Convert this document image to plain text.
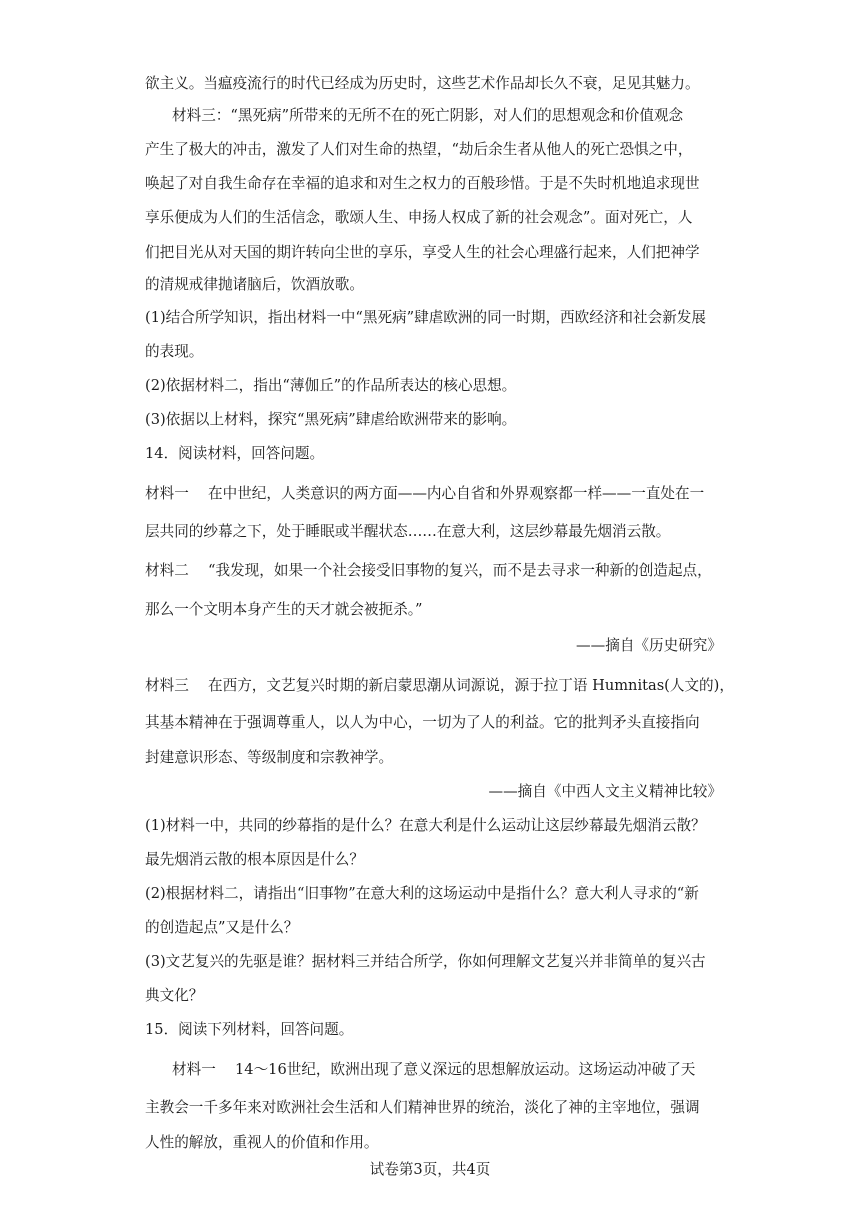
欲主义。当瘟疫流行的时代已经成为历史时，这些艺术作品却长久不衰，足见其魅力。
材料三：“黑死病”所带来的无所不在的死亡阴影，对人们的思想观念和价值观念
产生了极大的冲击，激发了人们对生命的热望，“劫后余生者从他人的死亡恐惧之中，
唤起了对自我生命存在幸福的追求和对生之权力的百般珍惜。于是不失时机地追求现世
享乐便成为人们的生活信念，歌颂人生、申扬人权成了新的社会观念”。面对死亡，人
们把目光从对天国的期许转向尘世的享乐，享受人生的社会心理盛行起来，人们把神学
的清规戒律抛诸脑后，饮酒放歌。
(1)结合所学知识，指出材料一中“黑死病”肆虐欧洲的同一时期，西欧经济和社会新发展
的表现。
(2)依据材料二，指出“薄伽丘”的作品所表达的核心思想。
(3)依据以上材料，探究“黑死病”肆虐给欧洲带来的影响。
14．阅读材料，回答问题。
材料一　 在中世纪，人类意识的两方面——内心自省和外界观察都一样——一直处在一
层共同的纱幕之下，处于睡眠或半醒状态……在意大利，这层纱幕最先烟消云散。
材料二　 “我发现，如果一个社会接受旧事物的复兴，而不是去寻求一种新的创造起点，
那么一个文明本身产生的天才就会被扼杀。”
——摘自《历史研究》
材料三　 在西方，文艺复兴时期的新启蒙思潮从词源说，源于拉丁语 Humnitas(人文的)，
其基本精神在于强调尊重人，以人为中心，一切为了人的利益。它的批判矛头直接指向
封建意识形态、等级制度和宗教神学。
——摘自《中西人文主义精神比较》
(1)材料一中，共同的纱幕指的是什么？在意大利是什么运动让这层纱幕最先烟消云散？
最先烟消云散的根本原因是什么？
(2)根据材料二，请指出“旧事物”在意大利的这场运动中是指什么？意大利人寻求的“新
的创造起点”又是什么？
(3)文艺复兴的先驱是谁？据材料三并结合所学，你如何理解文艺复兴并非简单的复兴古
典文化？
15．阅读下列材料，回答问题。
材料一　 14～16世纪，欧洲出现了意义深远的思想解放运动。这场运动冲破了天
主教会一千多年来对欧洲社会生活和人们精神世界的统治，淡化了神的主宰地位，强调
人性的解放，重视人的价值和作用。
试卷第3页，共4页
